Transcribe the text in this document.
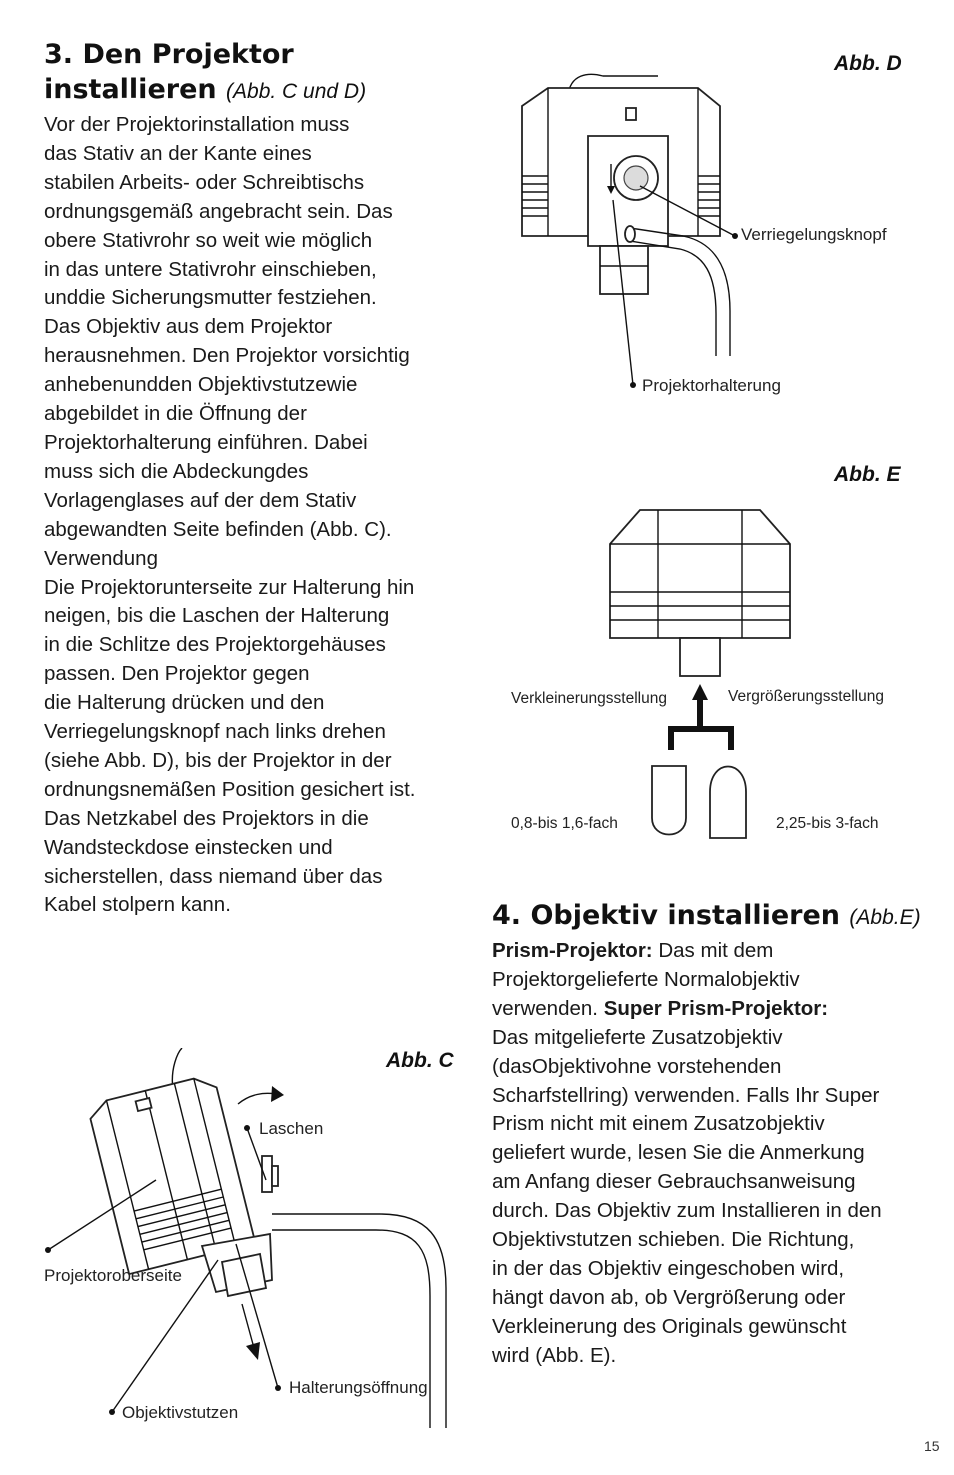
3. Den Projektor
installieren (Abb. C und D)
Vor der Projektorinstallation muss
das Stativ an der Kante eines
stabilen Arbeits- oder Schreibtischs
ordnungsgemäß angebracht sein. Das
obere Stativrohr so weit wie möglich
in das untere Stativrohr einschieben,
unddie Sicherungsmutter festziehen.
Das Objektiv aus dem Projektor
herausnehmen. Den Projektor vorsichtig
anhebenundden Objektivstutzewie
abgebildet in die Öffnung der
Projektorhalterung einführen. Dabei
muss sich die Abdeckungdes
Vorlagenglases auf der dem Stativ
abgewandten Seite befinden (Abb. C).
Verwendung
Die Projektorunterseite zur Halterung hin
neigen, bis die Laschen der Halterung
in die Schlitze des Projektorgehäuses
passen. Den Projektor gegen
die Halterung drücken und den
Verriegelungsknopf nach links drehen
(siehe Abb. D), bis der Projektor in der
ordnungsnemäßen Position gesichert ist.
Das Netzkabel des Projektors in die
Wandsteckdose einstecken und
sicherstellen, dass niemand über das
Kabel stolpern kann.
Abb. D
Verriegelungsknopf
Projektorhalterung
Abb. E
Verkleinerungsstellung	Vergrößerungsstellung
0,8-bis 1,6-fach	2,25-bis 3-fach
4. Objektiv installieren (Abb.E)
Prism-Projektor: Das mit dem
Projektorgelieferte Normalobjektiv
verwenden. Super Prism-Projektor:
Das mitgelieferte Zusatzobjektiv
(dasObjektivohne vorstehenden
Scharfstellring) verwenden. Falls Ihr Super
Prism nicht mit einem Zusatzobjektiv
geliefert wurde, lesen Sie die Anmerkung
am Anfang dieser Gebrauchsanweisung
durch. Das Objektiv zum Installieren in den
Objektivstutzen schieben. Die Richtung,
in der das Objektiv eingeschoben wird,
hängt davon ab, ob Vergrößerung oder
Verkleinerung des Originals gewünscht
wird (Abb. E).
Abb. C
Laschen
Projektoroberseite
Halterungsöffnung
Objektivstutzen
15
